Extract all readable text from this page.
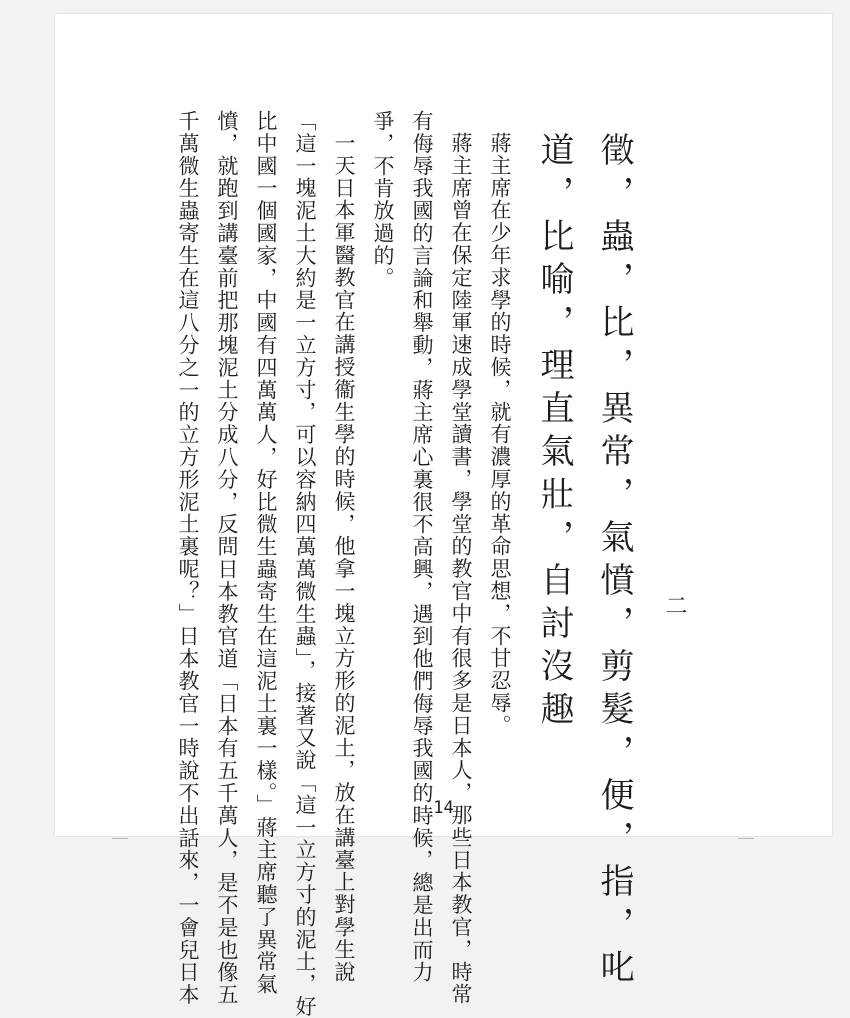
二
徵，蟲，比，異常，氣憤，剪髮，便，指，叱
道，比喻，理直氣壯，自討沒趣
蔣主席在少年求學的時候，就有濃厚的革命思想，不甘忍辱。
蔣主席曾在保定陸軍速成學堂讀書，學堂的教官中有很多是日本人，那些日本教官，時常
有侮辱我國的言論和舉動，蔣主席心裏很不高興，遇到他們侮辱我國的時候，總是出而力
爭，不肯放過的。
一天日本軍醫教官在講授衞生學的時候，他拿一塊立方形的泥土，放在講臺上對學生說
「這一塊泥土大約是一立方寸，可以容納四萬萬微生蟲」，接著又說「這一立方寸的泥土，好
比中國一個國家，中國有四萬萬人，好比微生蟲寄生在這泥土裏一樣。」蔣主席聽了異常氣
憤，就跑到講臺前把那塊泥土分成八分，反問日本教官道「日本有五千萬人，是不是也像五
千萬微生蟲寄生在這八分之一的立方形泥土裏呢？」日本教官一時說不出話來，一會兒日本	14
